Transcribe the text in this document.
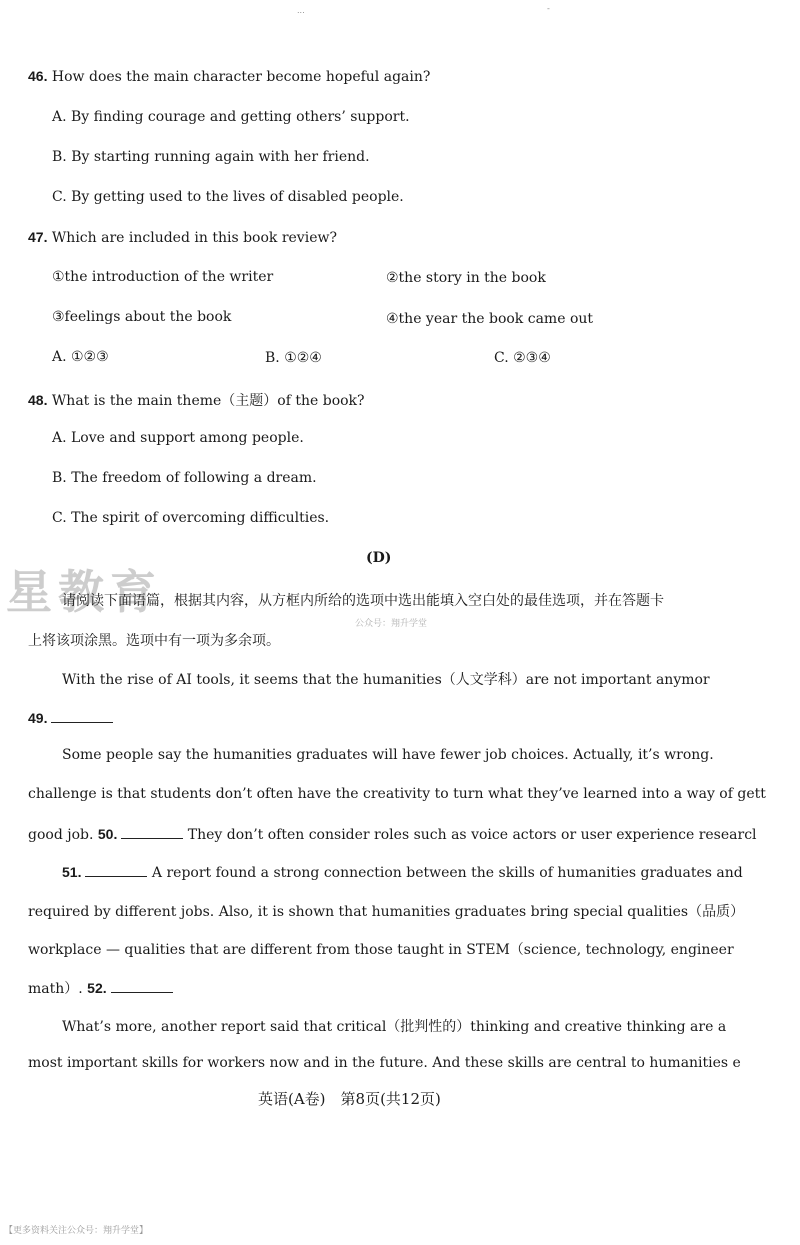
...	-
46. How does the main character become hopeful again?
A. By finding courage and getting others’ support.
B. By starting running again with her friend.
C. By getting used to the lives of disabled people.
47. Which are included in this book review?
①the introduction of the writer	②the story in the book
③feelings about the book	④the year the book came out
A. ①②③	B. ①②④	C. ②③④
48. What is the main theme（主题）of the book?
A. Love and support among people.
B. The freedom of following a dream.
C. The spirit of overcoming difficulties.
(D)
星教育
请阅读下面语篇，根据其内容，从方框内所给的选项中选出能填入空白处的最佳选项，并在答题卡
公众号：翔升学堂
上将该项涂黑。选项中有一项为多余项。
With the rise of AI tools, it seems that the humanities（人文学科）are not important anymor
49.
Some people say the humanities graduates will have fewer job choices. Actually, it’s wrong.
challenge is that students don’t often have the creativity to turn what they’ve learned into a way of gett
good job. 50.	They don’t often consider roles such as voice actors or user experience researcl
51.	A report found a strong connection between the skills of humanities graduates and
required by different jobs. Also, it is shown that humanities graduates bring special qualities（品质）
workplace — qualities that are different from those taught in STEM（science, technology, engineer
math）. 52.
What’s more, another report said that critical（批判性的）thinking and creative thinking are a
most important skills for workers now and in the future. And these skills are central to humanities e
英语(A卷)　第8页(共12页)
【更多资料关注公众号：翔升学堂】
